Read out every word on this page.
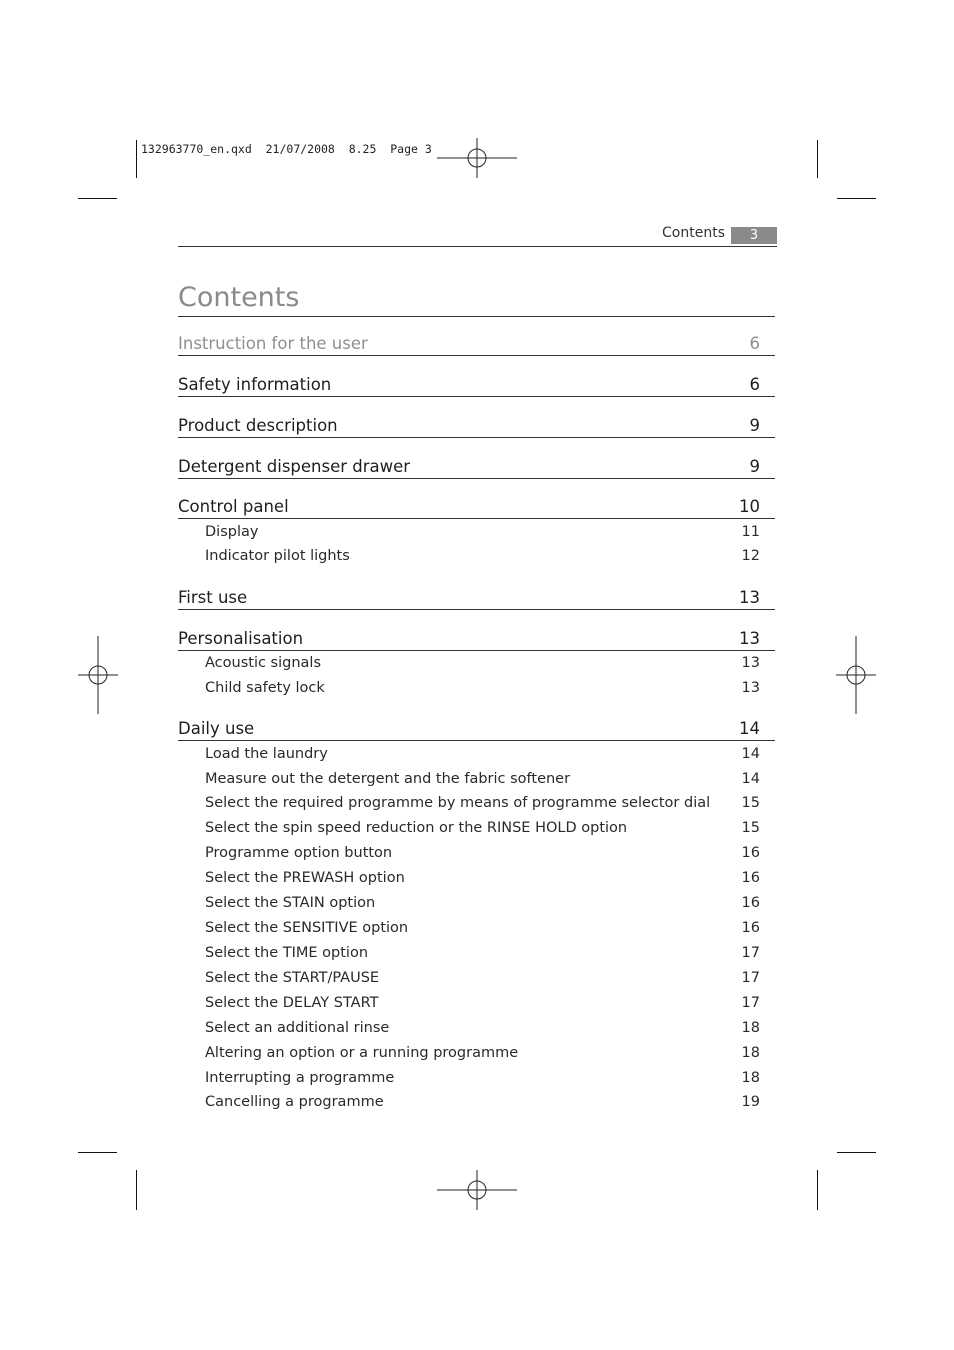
132963770_en.qxd  21/07/2008  8.25  Page 3
Contents	3
Contents
Instruction for the user	6
Safety information	6
Product description	9
Detergent dispenser drawer	9
Control panel	10
Display	11
Indicator pilot lights	12
First use	13
Personalisation	13
Acoustic signals	13
Child safety lock	13
Daily use	14
Load the laundry	14
Measure out the detergent and the fabric softener	14
Select the required programme by means of programme selector dial 15
Select the spin speed reduction or the RINSE HOLD option	15
Programme option button	16
Select the PREWASH option	16
Select the STAIN option	16
Select the SENSITIVE option	16
Select the TIME option	17
Select the START/PAUSE	17
Select the DELAY START	17
Select an additional rinse	18
Altering an option or a running programme	18
Interrupting a programme	18
Cancelling a programme	19
